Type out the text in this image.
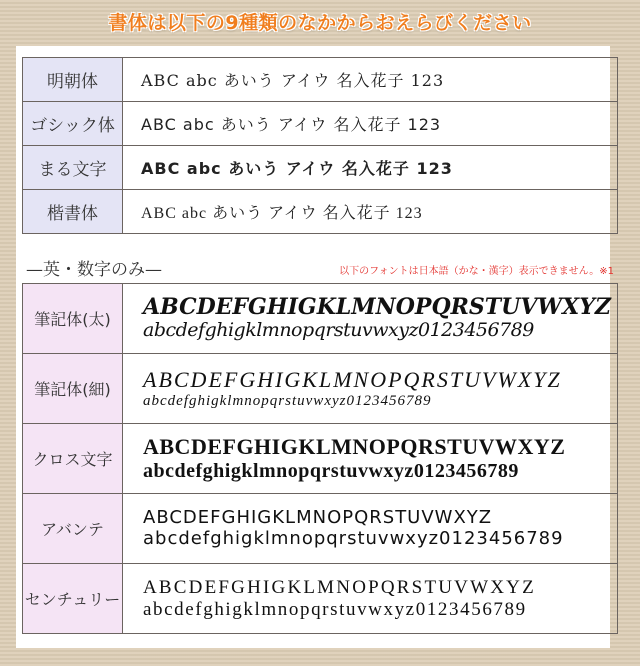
書体は以下の9種類のなかからおえらびください
明朝体	ABC abc あいう アイウ 名入花子 123
ゴシック体	ABC abc あいう アイウ 名入花子 123
まる文字	ABC abc あいう アイウ 名入花子 123
楷書体	ABC abc あいう アイウ 名入花子 123
—英・数字のみ—	以下のフォントは日本語（かな・漢字）表示できません。※1
筆記体(太)	ABCDEFGHIGKLMNOPQRSTUVWXYZ
abcdefghigklmnopqrstuvwxyz0123456789

筆記体(細)	ABCDEFGHIGKLMNOPQRSTUVWXYZ
abcdefghigklmnopqrstuvwxyz0123456789

クロス文字	ABCDEFGHIGKLMNOPQRSTUVWXYZ
abcdefghigklmnopqrstuvwxyz0123456789

アバンテ	ABCDEFGHIGKLMNOPQRSTUVWXYZ
abcdefghigklmnopqrstuvwxyz0123456789

センチュリー	ABCDEFGHIGKLMNOPQRSTUVWXYZ
abcdefghigklmnopqrstuvwxyz0123456789
